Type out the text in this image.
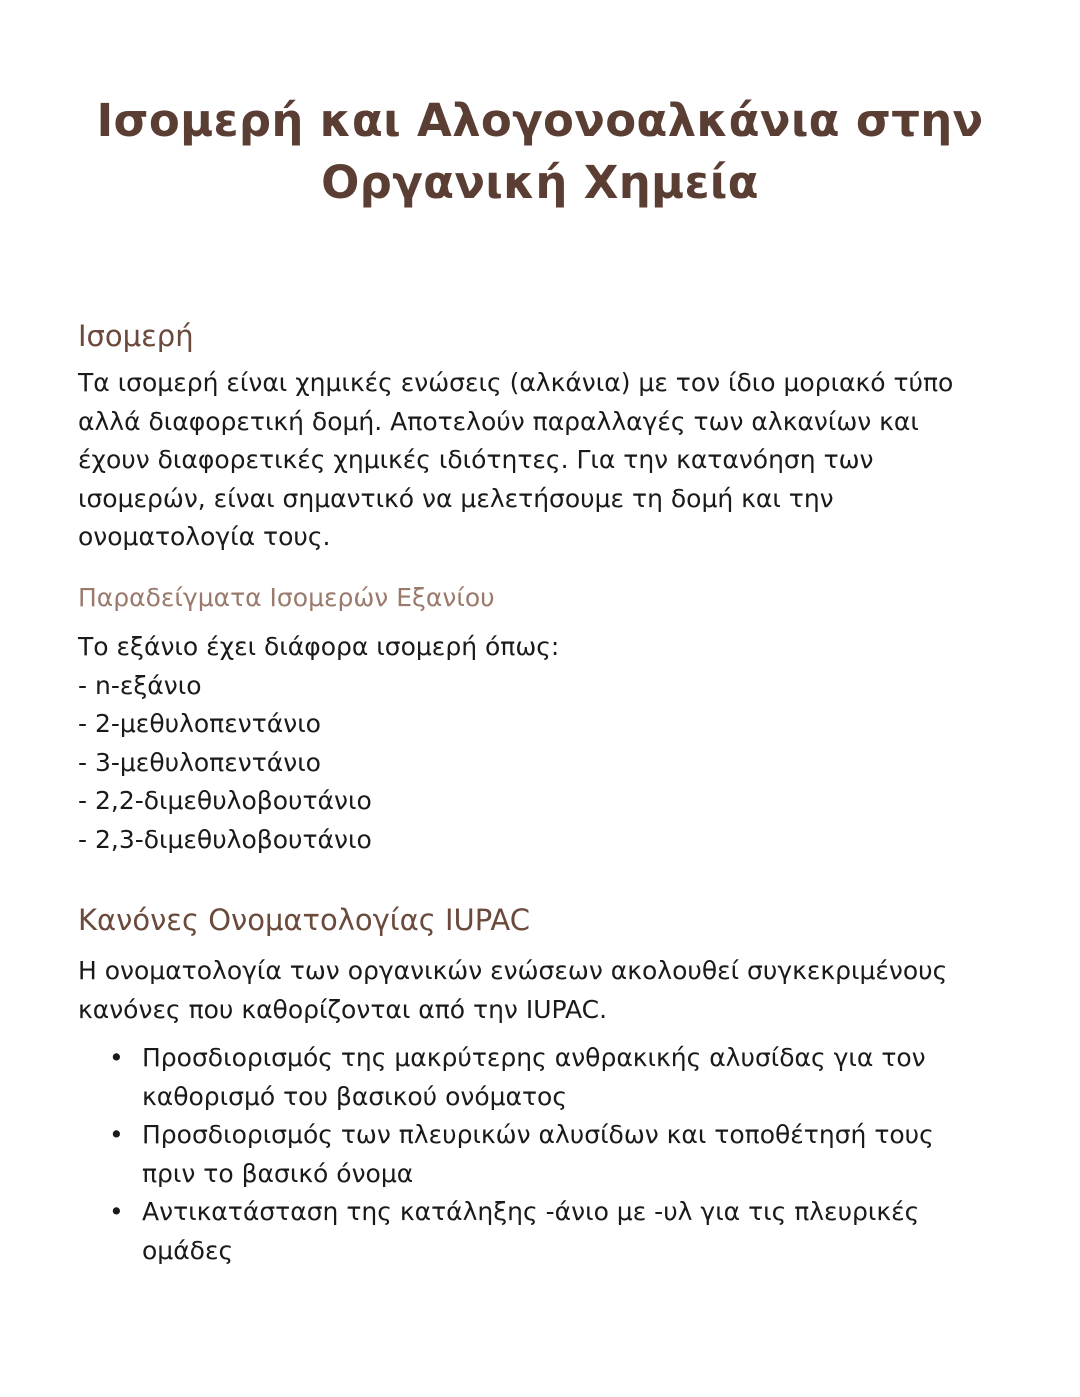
Ισομερή και Αλογονοαλκάνια στην
Οργανική Χημεία
Ισομερή

Τα ισομερή είναι χημικές ενώσεις (αλκάνια) με τον ίδιο μοριακό τύπο
αλλά διαφορετική δομή. Αποτελούν παραλλαγές των αλκανίων και
έχουν διαφορετικές χημικές ιδιότητες. Για την κατανόηση των
ισομερών, είναι σημαντικό να μελετήσουμε τη δομή και την
ονοματολογία τους.

Παραδείγματα Ισομερών Εξανίου

Το εξάνιο έχει διάφορα ισομερή όπως:
- n-εξάνιο
- 2-μεθυλοπεντάνιο
- 3-μεθυλοπεντάνιο
- 2,2-διμεθυλοβουτάνιο
- 2,3-διμεθυλοβουτάνιο

Κανόνες Ονοματολογίας IUPAC

Η ονοματολογία των οργανικών ενώσεων ακολουθεί συγκεκριμένους
κανόνες που καθορίζονται από την IUPAC.

• Προσδιορισμός της μακρύτερης ανθρακικής αλυσίδας για τον
καθορισμό του βασικού ονόματος
• Προσδιορισμός των πλευρικών αλυσίδων και τοποθέτησή τους
πριν το βασικό όνομα
• Αντικατάσταση της κατάληξης -άνιο με -υλ για τις πλευρικές
ομάδες
